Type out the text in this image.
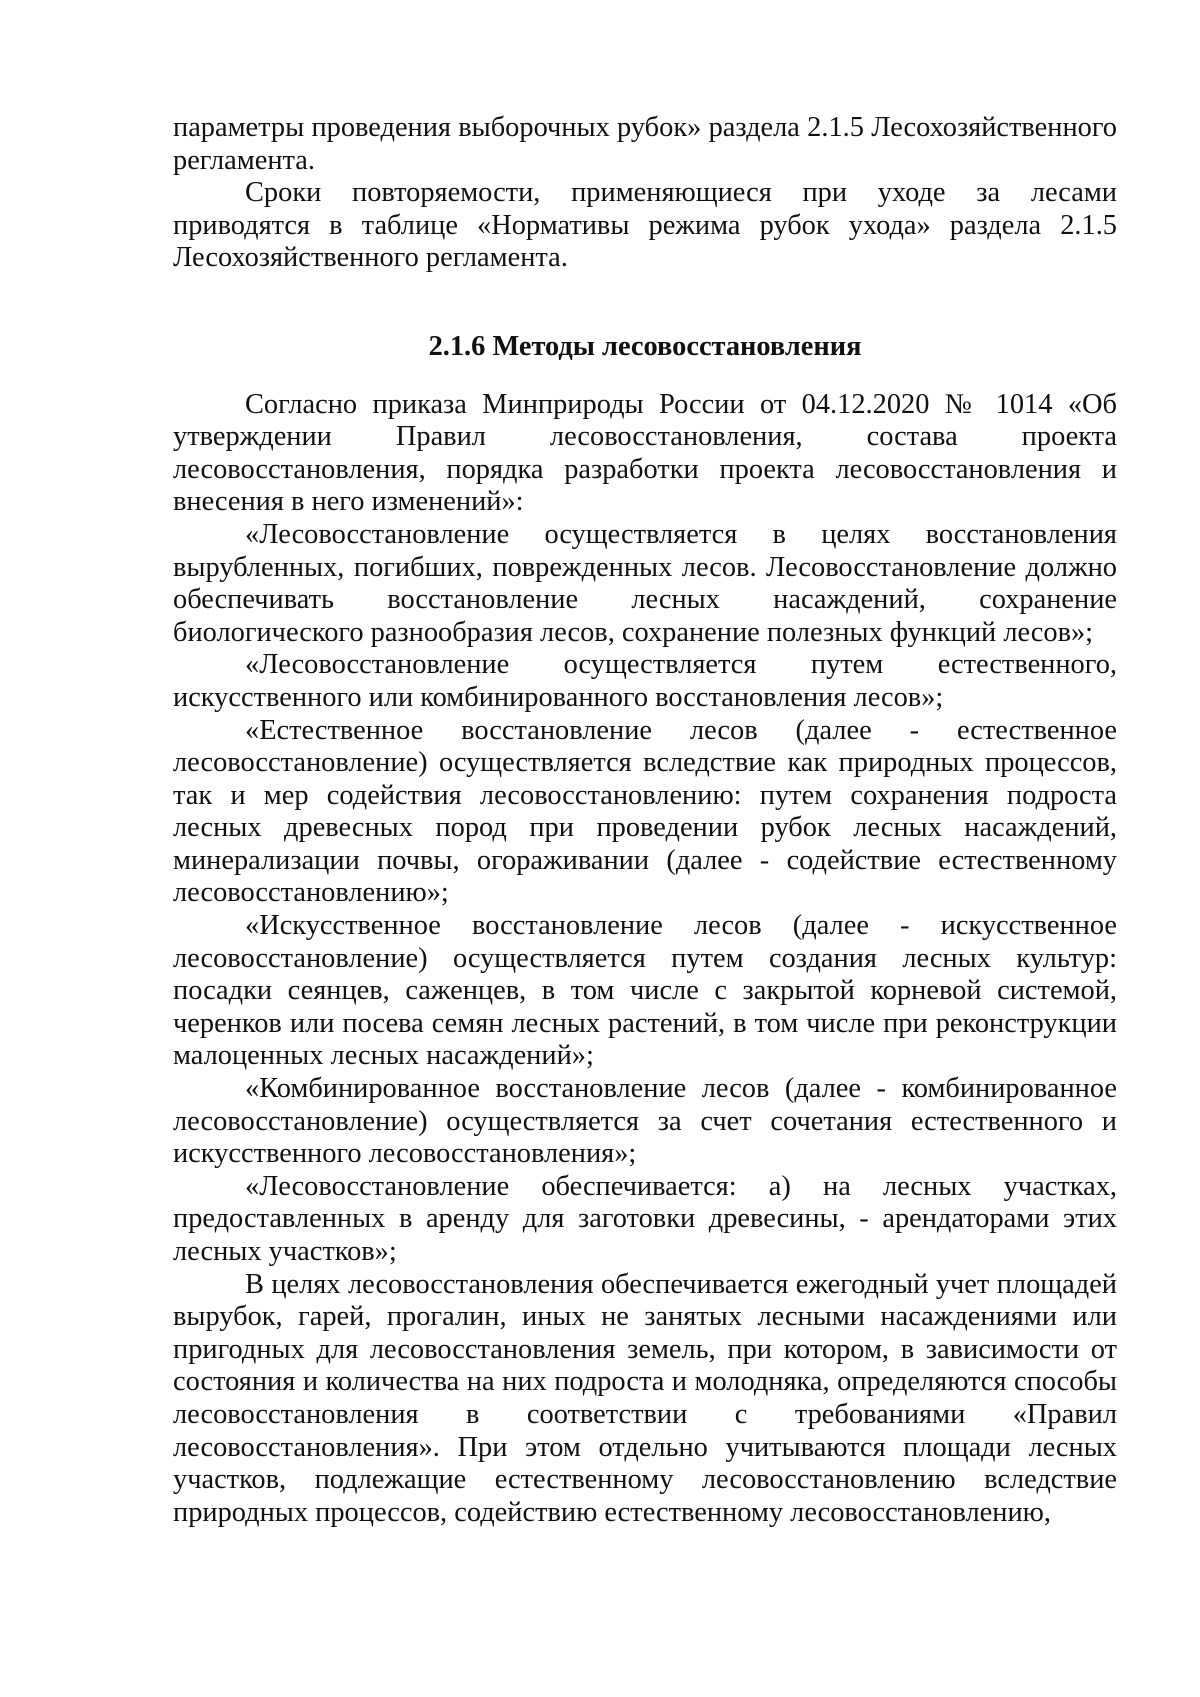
параметры проведения выборочных рубок» раздела 2.1.5 Лесохозяйственного регламента.

Сроки повторяемости, применяющиеся при уходе за лесами приводятся в таблице «Нормативы режима рубок ухода» раздела 2.1.5 Лесохозяйственного регламента.

2.1.6 Методы лесовосстановления

Согласно приказа Минприроды России от 04.12.2020 № 1014 «Об утверждении Правил лесовосстановления, состава проекта лесовосстановления, порядка разработки проекта лесовосстановления и внесения в него изменений»:

«Лесовосстановление осуществляется в целях восстановления вырубленных, погибших, поврежденных лесов. Лесовосстановление должно обеспечивать восстановление лесных насаждений, сохранение биологического разнообразия лесов, сохранение полезных функций лесов»;

«Лесовосстановление осуществляется путем естественного, искусственного или комбинированного восстановления лесов»;

«Естественное восстановление лесов (далее - естественное лесовосстановление) осуществляется вследствие как природных процессов, так и мер содействия лесовосстановлению: путем сохранения подроста лесных древесных пород при проведении рубок лесных насаждений, минерализации почвы, огораживании (далее - содействие естественному лесовосстановлению»;

«Искусственное восстановление лесов (далее - искусственное лесовосстановление) осуществляется путем создания лесных культур: посадки сеянцев, саженцев, в том числе с закрытой корневой системой, черенков или посева семян лесных растений, в том числе при реконструкции малоценных лесных насаждений»;

«Комбинированное восстановление лесов (далее - комбинированное лесовосстановление) осуществляется за счет сочетания естественного и искусственного лесовосстановления»;

«Лесовосстановление обеспечивается: а) на лесных участках, предоставленных в аренду для заготовки древесины, - арендаторами этих лесных участков»;

В целях лесовосстановления обеспечивается ежегодный учет площадей вырубок, гарей, прогалин, иных не занятых лесными насаждениями или пригодных для лесовосстановления земель, при котором, в зависимости от состояния и количества на них подроста и молодняка, определяются способы лесовосстановления в соответствии с требованиями «Правил лесовосстановления». При этом отдельно учитываются площади лесных участков, подлежащие естественному лесовосстановлению вследствие природных процессов, содействию естественному лесовосстановлению,
